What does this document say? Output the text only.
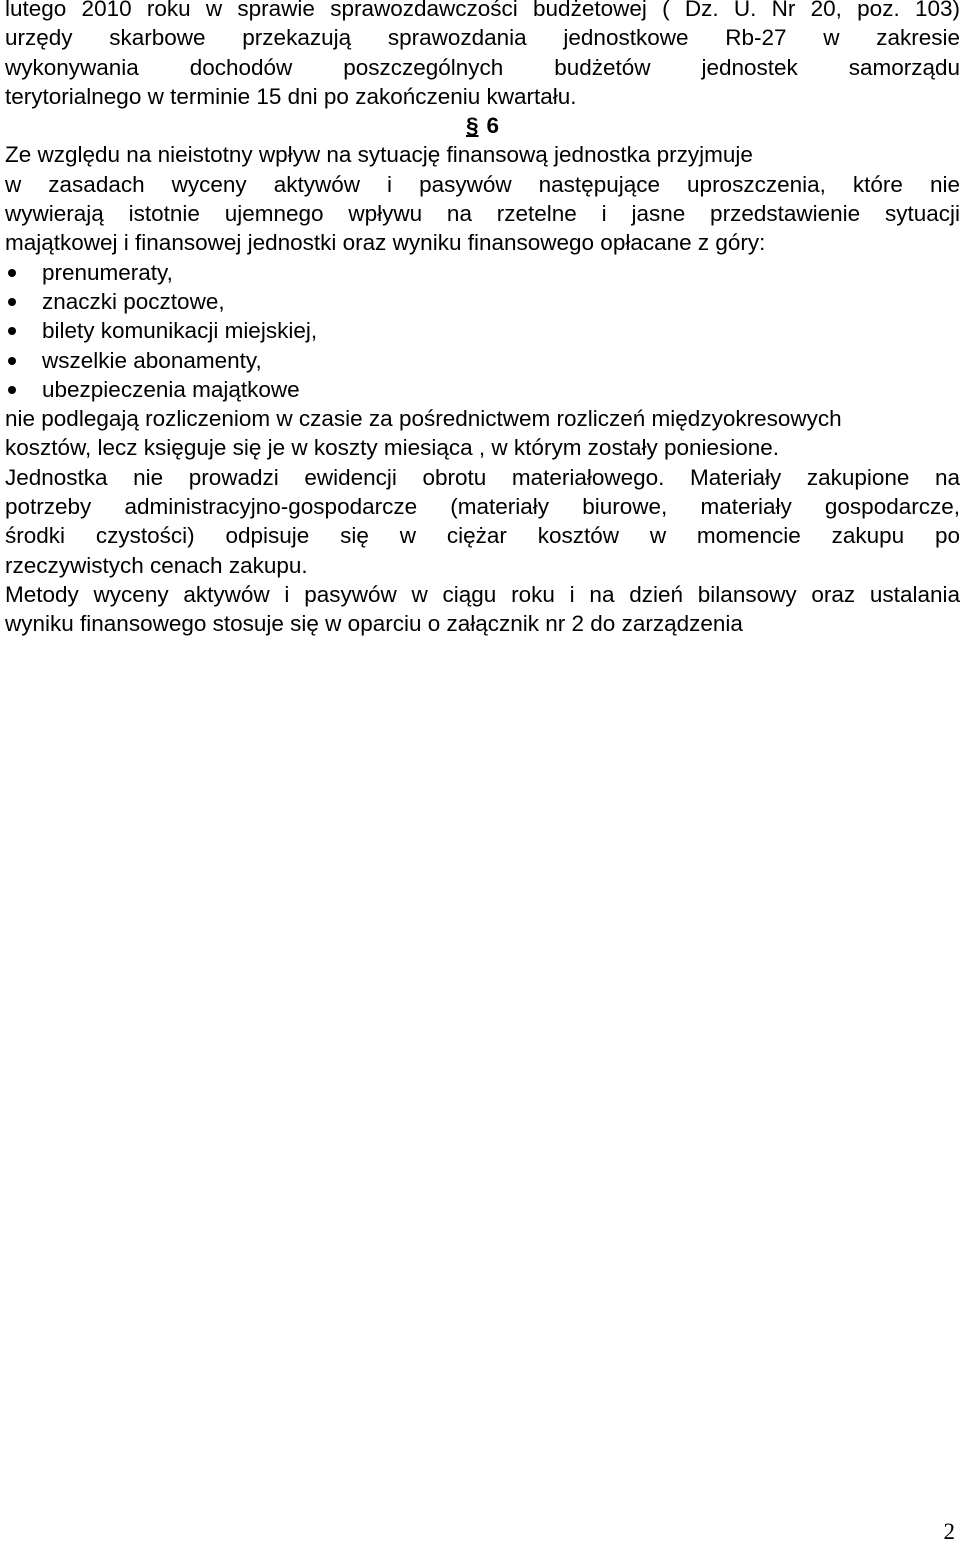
lutego 2010 roku w sprawie sprawozdawczości budżetowej ( Dz. U. Nr 20, poz. 103)
urzędy skarbowe przekazują sprawozdania jednostkowe Rb-27 w zakresie
wykonywania dochodów poszczególnych budżetów jednostek samorządu
terytorialnego w terminie 15 dni po zakończeniu kwartału.
§ 6
Ze względu na nieistotny wpływ na sytuację finansową jednostka przyjmuje
w zasadach wyceny aktywów i pasywów następujące uproszczenia, które nie
wywierają istotnie ujemnego wpływu na rzetelne i jasne przedstawienie sytuacji
majątkowej i finansowej jednostki oraz wyniku finansowego opłacane z góry:
prenumeraty,
znaczki pocztowe,
bilety komunikacji miejskiej,
wszelkie abonamenty,
ubezpieczenia majątkowe
nie podlegają rozliczeniom w czasie za pośrednictwem rozliczeń międzyokresowych
kosztów, lecz księguje się je w koszty miesiąca , w którym zostały poniesione.
Jednostka nie prowadzi ewidencji obrotu materiałowego. Materiały zakupione na
potrzeby administracyjno-gospodarcze (materiały biurowe, materiały gospodarcze,
środki czystości) odpisuje się w ciężar kosztów w momencie zakupu po
rzeczywistych cenach zakupu.
Metody wyceny aktywów i pasywów w ciągu roku i na dzień bilansowy oraz ustalania
wyniku finansowego stosuje się w oparciu o załącznik nr 2 do zarządzenia
2
